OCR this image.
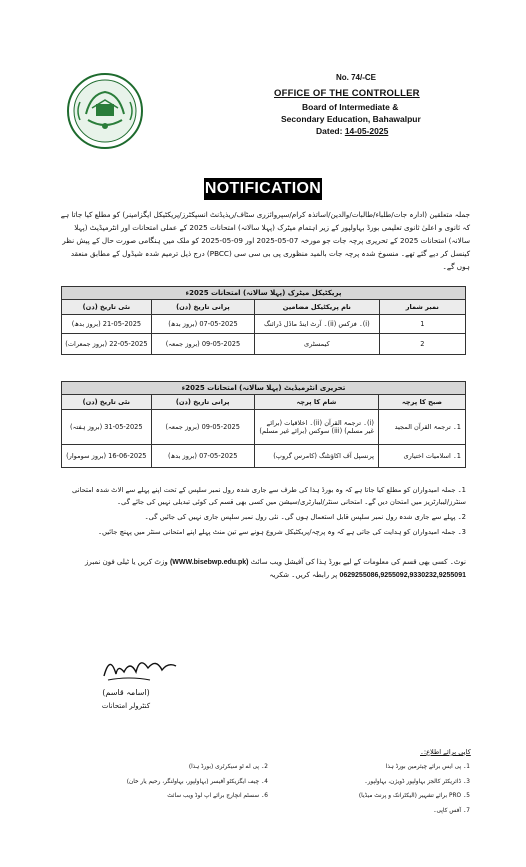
No. 74/-CE
OFFICE OF THE CONTROLLER
Board of Intermediate &
Secondary Education, Bahawalpur
Dated: 14-05-2025
NOTIFICATION
جملہ متعلقین (ادارہ جات/طلباء/طالبات/والدین/اساتذہ کرام/سپروائزری سٹاف/ریذیڈنٹ انسپکٹرز/پریکٹیکل ایگزامینر) کو مطلع کیا جاتا ہے کہ ثانوی و اعلیٰ ثانوی تعلیمی بورڈ بہاولپور کے زیر اہتمام میٹرک (پہلا سالانہ) امتحانات 2025 کے عملی امتحانات اور انٹرمیڈیٹ (پہلا سالانہ) امتحانات 2025 کے تحریری پرچہ جات جو مورخہ 07-05-2025 اور 09-05-2025 کو ملک میں ہنگامی صورت حال کے پیش نظر کینسل کر دیے گئے تھے۔ منسوخ شدہ پرچہ جات بالمید منظوری پی بی سی سی (PBCC) درج ذیل ترمیم شدہ شیڈول کے مطابق منعقد ہوں گے۔
پریکٹیکل میٹرک (پہلا سالانہ) امتحانات 2025ء			
نمبر شمار	نام پریکٹیکل مضامین	پرانی تاریخ (دن)	نئی تاریخ (دن)
1	(i)۔ فزکس (ii)۔ آرٹ اینڈ ماڈل ڈرائنگ	07-05-2025 (بروز بدھ)	21-05-2025 (بروز بدھ)
2	کیمسٹری	09-05-2025 (بروز جمعہ)	22-05-2025 (بروز جمعرات)
تحریری انٹرمیڈیٹ (پہلا سالانہ) امتحانات 2025ء			
صبح کا پرچہ	شام کا پرچہ	پرانی تاریخ (دن)	نئی تاریخ (دن)
1۔ ترجمۃ القرآن المجید	(i)۔ ترجمۃ القرآن (ii)۔ اخلاقیات (برائے غیر مسلم) (iii) سوکس (برائے غیر مسلم)	09-05-2025 (بروز جمعہ)	31-05-2025 (بروز ہفتہ)
1۔ اسلامیات اختیاری	پرنسپل آف اکاؤنٹنگ (کامرس گروپ)	07-05-2025 (بروز بدھ)	16-06-2025 (بروز سوموار)
1۔ جملہ امیدواران کو مطلع کیا جاتا ہے کہ وہ بورڈ ہذا کی طرف سے جاری شدہ رول نمبر سلپس کے تحت اپنے پہلے سے الاٹ شدہ امتحانی سنٹرز/لیبارٹریز میں امتحان دیں گے۔ امتحانی سنٹر/لیبارٹری/سیشن میں کسی بھی قسم کی کوئی تبدیلی نہیں کی جائے گی۔
2۔ پہلے سے جاری شدہ رول نمبر سلپس قابل استعمال ہوں گی۔ نئی رول نمبر سلپس جاری نہیں کی جائیں گی۔
3۔ جملہ امیدواران کو ہدایت کی جاتی ہے کہ وہ پرچہ/پریکٹیکل شروع ہونے سے تین منٹ پہلے اپنے امتحانی سنٹر میں پہنچ جائیں۔
نوٹ۔ کسی بھی قسم کی معلومات کے لیے بورڈ ہذا کی آفیشل ویب سائٹ (WWW.bisebwp.edu.pk) وزٹ کریں یا ٹیلی فون نمبرز 0629255086,9255092,9330232,9255091 پر رابطہ کریں۔ شکریہ
(اسامہ قاسم)
کنٹرولر امتحانات
کاپی برائے اطلاع:۔
1۔ پی ایس برائے چیئرمین بورڈ ہذا
3۔ ڈائریکٹر کالجز بہاولپور ڈویژن، بہاولپور۔
5۔ PRO برائے تشہیر (الیکٹرانک و پرنٹ میڈیا)
7۔ آفس کاپی۔
2۔ پی اے ٹو سیکرٹری (بورڈ ہذا)
4۔ چیف ایگزیکٹو آفیسر (بہاولپور، بہاولنگر، رحیم یار خان)
6۔ سسٹم انچارج برائے اپ لوڈ ویب سائٹ
